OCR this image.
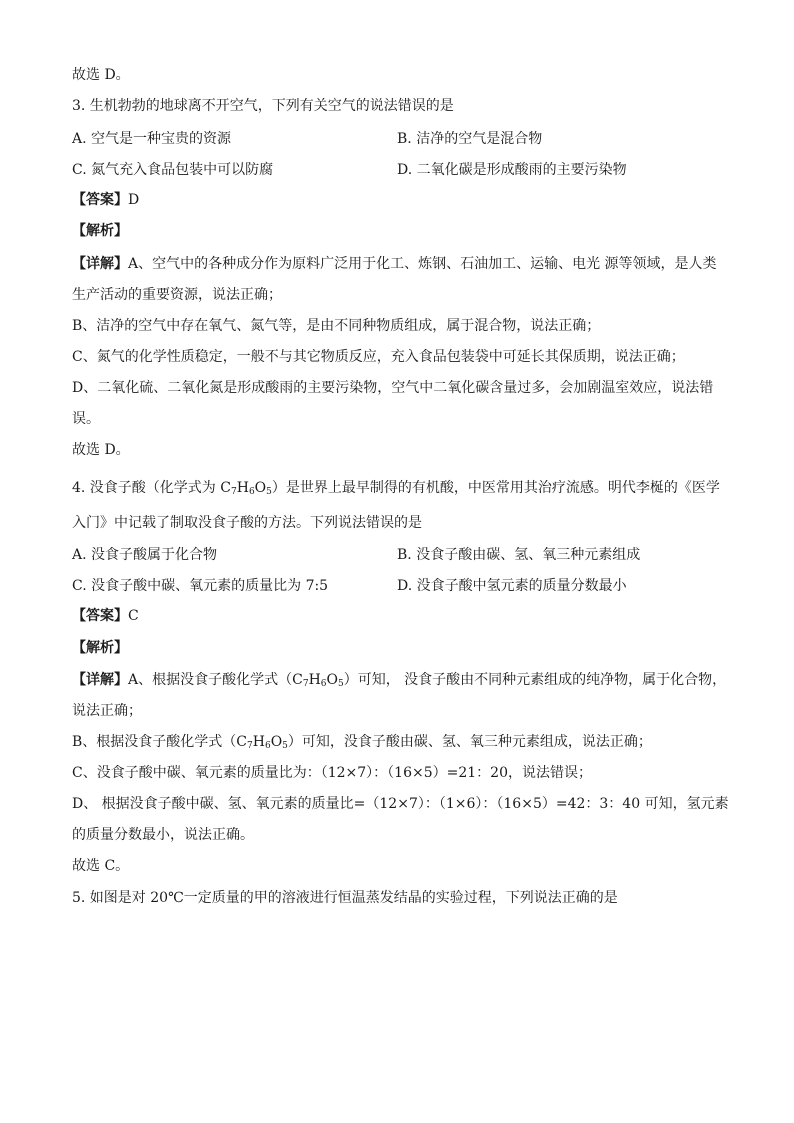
故选 D。
3. 生机勃勃的地球离不开空气，下列有关空气的说法错误的是
A. 空气是一种宝贵的资源	B. 洁净的空气是混合物
C. 氮气充入食品包装中可以防腐	D. 二氧化碳是形成酸雨的主要污染物
【答案】D
【解析】
【详解】A、空气中的各种成分作为原料广泛用于化工、炼钢、石油加工、运输、电光 源等领域，是人类
生产活动的重要资源，说法正确；
B、洁净的空气中存在氧气、氮气等，是由不同种物质组成，属于混合物，说法正确；
C、氮气的化学性质稳定，一般不与其它物质反应，充入食品包装袋中可延长其保质期，说法正确；
D、二氧化硫、二氧化氮是形成酸雨的主要污染物，空气中二氧化碳含量过多，会加剧温室效应，说法错
误。
故选 D。
4. 没食子酸（化学式为 $C_7H_6O_5$）是世界上最早制得的有机酸，中医常用其治疗流感。明代李梴的《医学
入门》中记载了制取没食子酸的方法。下列说法错误的是
A. 没食子酸属于化合物	B. 没食子酸由碳、氢、氧三种元素组成
C. 没食子酸中碳、氧元素的质量比为 7:5	D. 没食子酸中氢元素的质量分数最小
【答案】C
【解析】
【详解】A、根据没食子酸化学式$(C_7H_6O_5)$可知， 没食子酸由不同种元素组成的纯净物，属于化合物，
说法正确；
B、根据没食子酸化学式$(C_7H_6O_5)$可知，没食子酸由碳、氢、氧三种元素组成，说法正确；
C、没食子酸中碳、氧元素的质量比为：（12×7）：（16×5）=21：20，说法错误；
D、 根据没食子酸中碳、氢、氧元素的质量比=（12×7）：（1×6）：（16×5）=42：3：40 可知，氢元素
的质量分数最小，说法正确。
故选 C。
5. 如图是对 20℃一定质量的甲的溶液进行恒温蒸发结晶的实验过程，下列说法正确的是
